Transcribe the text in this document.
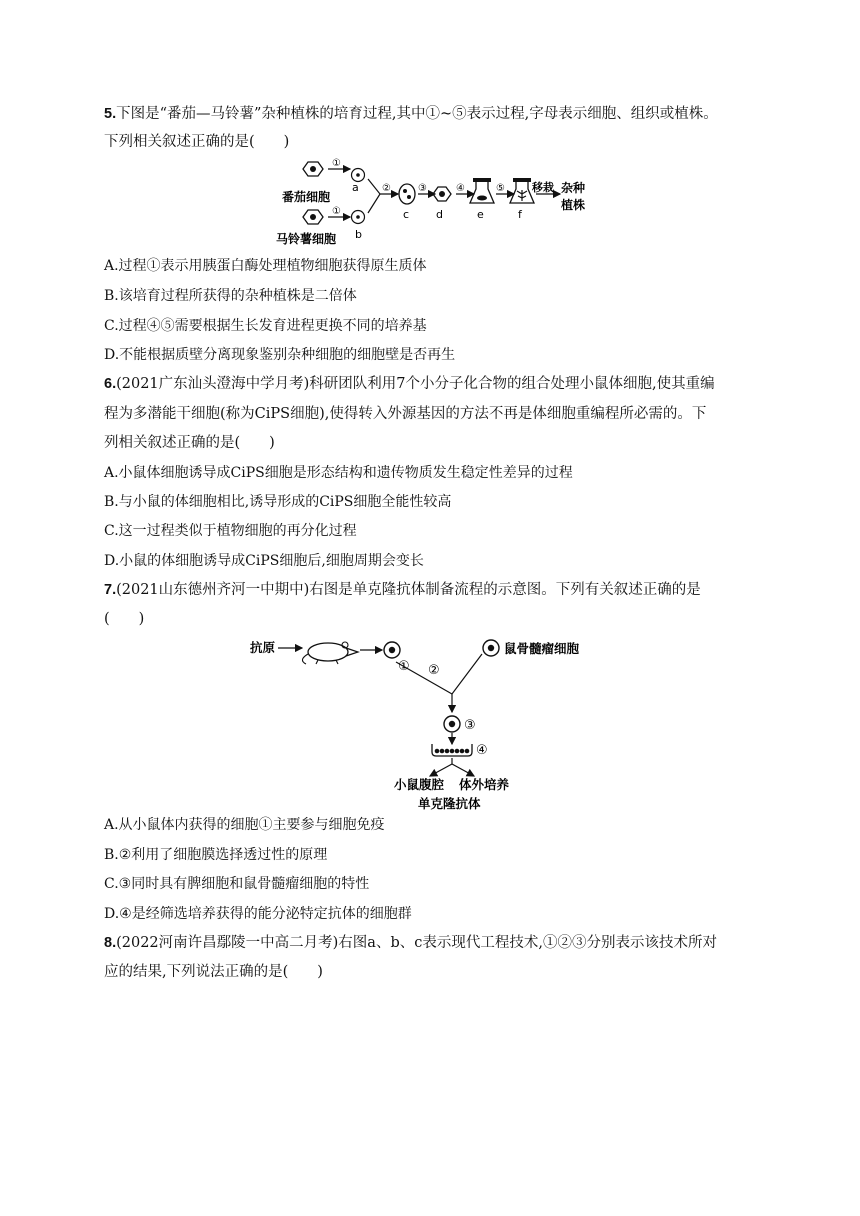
5.下图是“番茄—马铃薯”杂种植株的培育过程,其中①~⑤表示过程,字母表示细胞、组织或植株。
下列相关叙述正确的是(　　)
①
a
番茄细胞
①
b
马铃薯细胞
②
c
③
d
④
e
⑤
f
移栽 杂种
植株
A.过程①表示用胰蛋白酶处理植物细胞获得原生质体
B.该培育过程所获得的杂种植株是二倍体
C.过程④⑤需要根据生长发育进程更换不同的培养基
D.不能根据质壁分离现象鉴别杂种细胞的细胞壁是否再生
6.(2021广东汕头澄海中学月考)科研团队利用7个小分子化合物的组合处理小鼠体细胞,使其重编
程为多潜能干细胞(称为CiPS细胞),使得转入外源基因的方法不再是体细胞重编程所必需的。下
列相关叙述正确的是(　　)
A.小鼠体细胞诱导成CiPS细胞是形态结构和遗传物质发生稳定性差异的过程
B.与小鼠的体细胞相比,诱导形成的CiPS细胞全能性较高
C.这一过程类似于植物细胞的再分化过程
D.小鼠的体细胞诱导成CiPS细胞后,细胞周期会变长
7.(2021山东德州齐河一中期中)右图是单克隆抗体制备流程的示意图。下列有关叙述正确的是
(　　)
抗原
①
鼠骨髓瘤细胞
②
③
④
小鼠腹腔 体外培养
单克隆抗体
A.从小鼠体内获得的细胞①主要参与细胞免疫
B.②利用了细胞膜选择透过性的原理
C.③同时具有脾细胞和鼠骨髓瘤细胞的特性
D.④是经筛选培养获得的能分泌特定抗体的细胞群
8.(2022河南许昌鄢陵一中高二月考)右图a、b、c表示现代工程技术,①②③分别表示该技术所对
应的结果,下列说法正确的是(　　)
